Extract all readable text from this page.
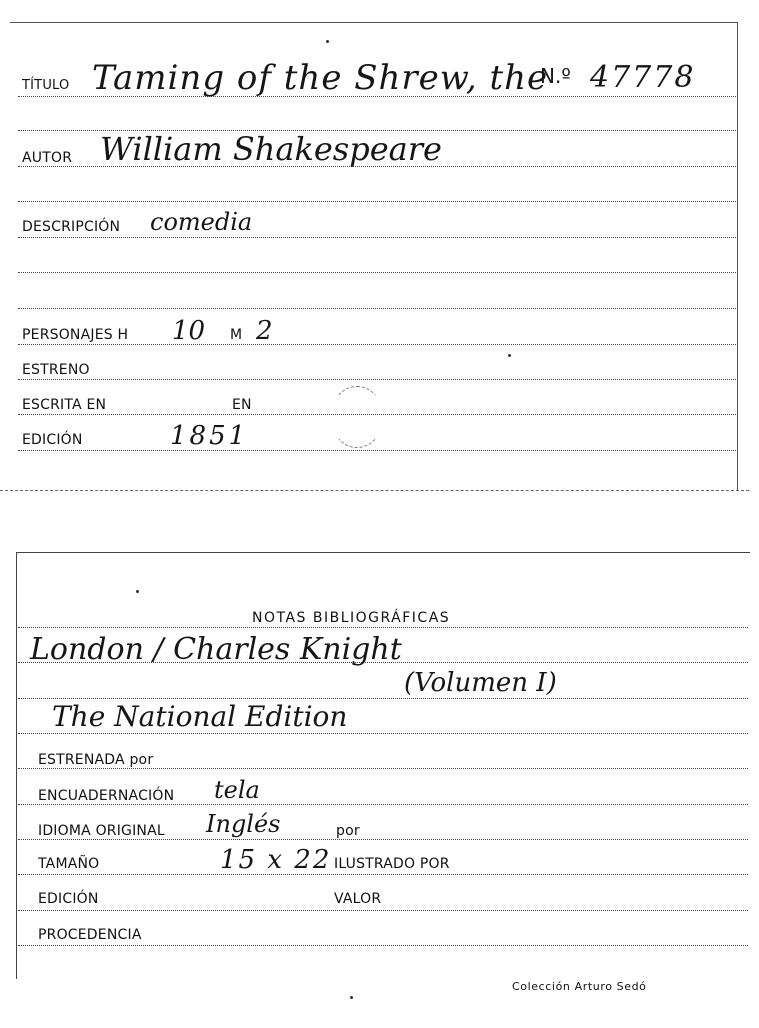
TÍTULO Taming of the Shrew, the
N.º 47778
AUTOR William Shakespeare
DESCRIPCIÓN comedia
PERSONAJES H 10 M 2
ESTRENO
ESCRITA EN	EN
EDICIÓN	1851
NOTAS BIBLIOGRÁFICAS
London / Charles Knight
(Volumen I)
The National Edition
ESTRENADA por
ENCUADERNACIÓN tela
IDIOMA ORIGINAL Inglés	por
TAMAÑO	15 x 22 ILUSTRADO POR
EDICIÓN	VALOR
PROCEDENCIA
Colección Arturo Sedó
